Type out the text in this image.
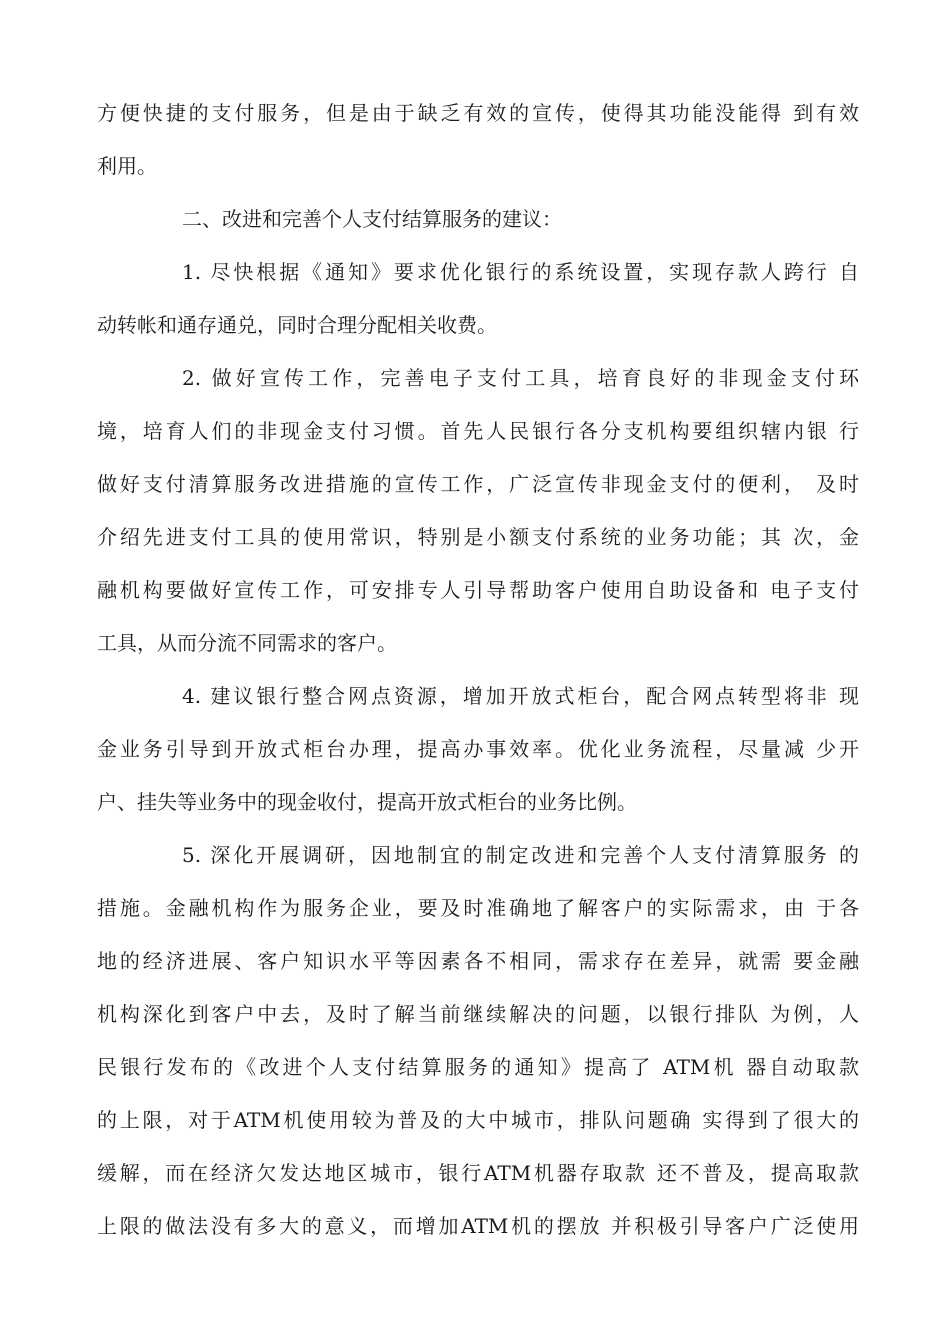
方便快捷的支付服务，但是由于缺乏有效的宣传，使得其功能没能得 到有效
利用。
二、改进和完善个人支付结算服务的建议：
1. 尽快根据《通知》要求优化银行的系统设置，实现存款人跨行 自
动转帐和通存通兑，同时合理分配相关收费。
2. 做好宣传工作，完善电子支付工具，培育良好的非现金支付环
境，培育人们的非现金支付习惯。首先人民银行各分支机构要组织辖内银 行
做好支付清算服务改进措施的宣传工作，广泛宣传非现金支付的便利， 及时
介绍先进支付工具的使用常识，特别是小额支付系统的业务功能；其 次，金
融机构要做好宣传工作，可安排专人引导帮助客户使用自助设备和 电子支付
工具，从而分流不同需求的客户。
4. 建议银行整合网点资源，增加开放式柜台，配合网点转型将非 现
金业务引导到开放式柜台办理，提高办事效率。优化业务流程，尽量减 少开
户、挂失等业务中的现金收付，提高开放式柜台的业务比例。
5. 深化开展调研，因地制宜的制定改进和完善个人支付清算服务 的
措施。金融机构作为服务企业，要及时准确地了解客户的实际需求，由 于各
地的经济进展、客户知识水平等因素各不相同，需求存在差异，就需 要金融
机构深化到客户中去，及时了解当前继续解决的问题，以银行排队 为例，人
民银行发布的《改进个人支付结算服务的通知》提高了 ATM机 器自动取款
的上限，对于ATM机使用较为普及的大中城市，排队问题确 实得到了很大的
缓解，而在经济欠发达地区城市，银行ATM机器存取款 还不普及，提高取款
上限的做法没有多大的意义，而增加ATM机的摆放 并积极引导客户广泛使用
